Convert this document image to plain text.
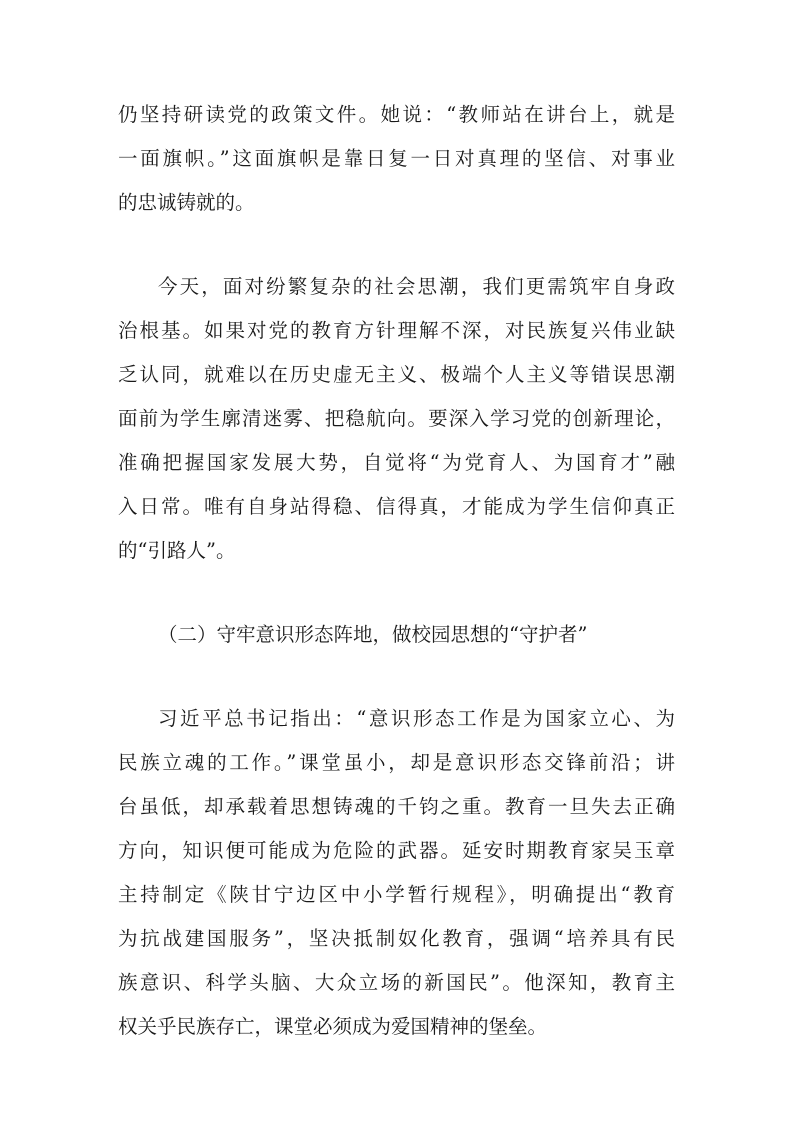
仍坚持研读党的政策文件。她说：“教师站在讲台上，就是
一面旗帜。”这面旗帜是靠日复一日对真理的坚信、对事业
的忠诚铸就的。
今天，面对纷繁复杂的社会思潮，我们更需筑牢自身政
治根基。如果对党的教育方针理解不深，对民族复兴伟业缺
乏认同，就难以在历史虚无主义、极端个人主义等错误思潮
面前为学生廓清迷雾、把稳航向。要深入学习党的创新理论，
准确把握国家发展大势，自觉将“为党育人、为国育才”融
入日常。唯有自身站得稳、信得真，才能成为学生信仰真正
的“引路人”。
（二）守牢意识形态阵地，做校园思想的“守护者”
习近平总书记指出：“意识形态工作是为国家立心、为
民族立魂的工作。”课堂虽小，却是意识形态交锋前沿；讲
台虽低，却承载着思想铸魂的千钧之重。教育一旦失去正确
方向，知识便可能成为危险的武器。延安时期教育家吴玉章
主持制定《陕甘宁边区中小学暂行规程》，明确提出“教育
为抗战建国服务”，坚决抵制奴化教育，强调“培养具有民
族意识、科学头脑、大众立场的新国民”。他深知，教育主
权关乎民族存亡，课堂必须成为爱国精神的堡垒。
